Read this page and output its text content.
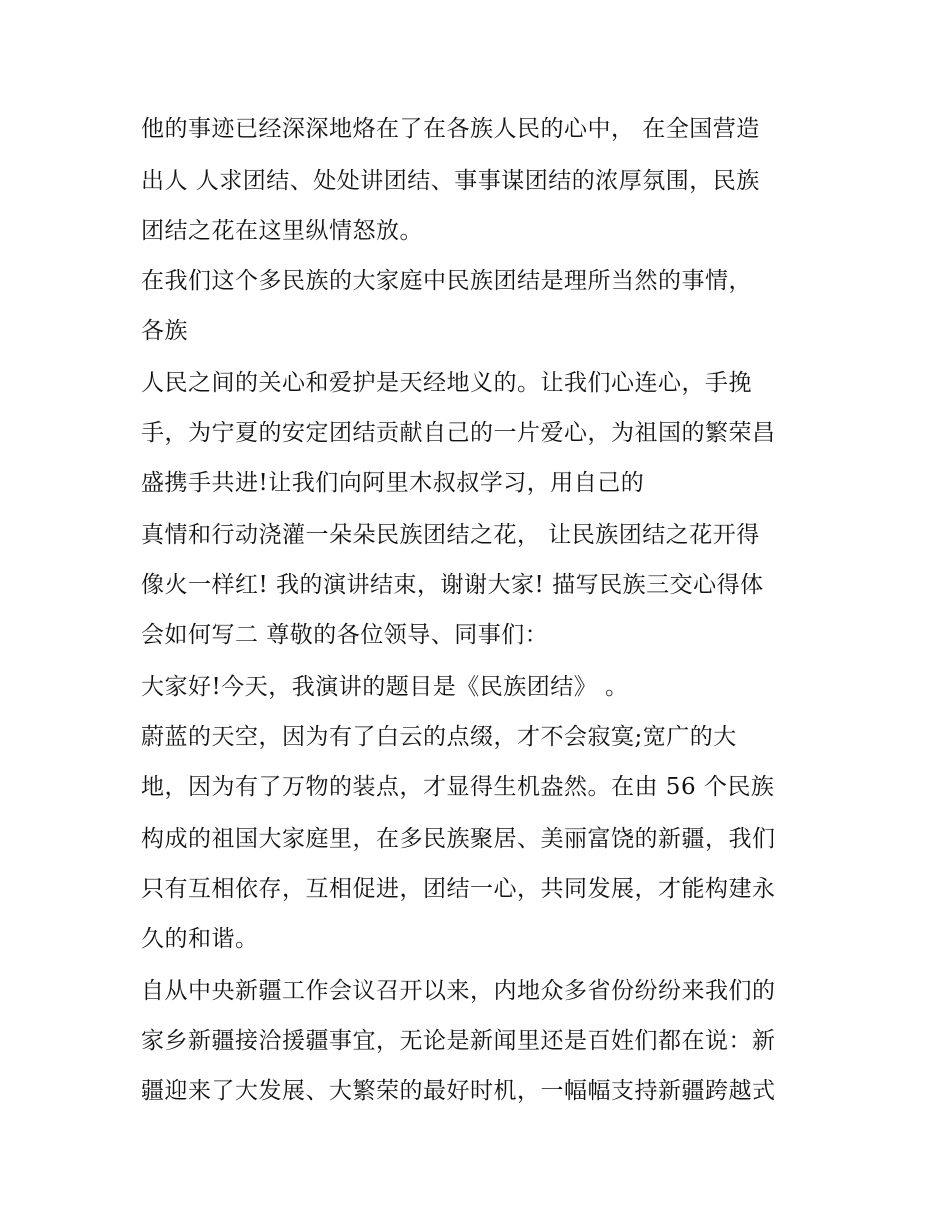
他的事迹已经深深地烙在了在各族人民的心中， 在全国营造
出人 人求团结、处处讲团结、事事谋团结的浓厚氛围，民族
团结之花在这里纵情怒放。
在我们这个多民族的大家庭中民族团结是理所当然的事情，
各族
人民之间的关心和爱护是天经地义的。让我们心连心，手挽
手，为宁夏的安定团结贡献自己的一片爱心，为祖国的繁荣昌
盛携手共进!让我们向阿里木叔叔学习，用自己的
真情和行动浇灌一朵朵民族团结之花， 让民族团结之花开得
像火一样红! 我的演讲结束，谢谢大家! 描写民族三交心得体
会如何写二 尊敬的各位领导、同事们：
大家好!今天，我演讲的题目是《民族团结》 。
蔚蓝的天空，因为有了白云的点缀，才不会寂寞;宽广的大
地，因为有了万物的装点，才显得生机盎然。在由 56 个民族
构成的祖国大家庭里，在多民族聚居、美丽富饶的新疆，我们
只有互相依存，互相促进，团结一心，共同发展，才能构建永
久的和谐。
自从中央新疆工作会议召开以来，内地众多省份纷纷来我们的
家乡新疆接洽援疆事宜，无论是新闻里还是百姓们都在说：新
疆迎来了大发展、大繁荣的最好时机，一幅幅支持新疆跨越式
